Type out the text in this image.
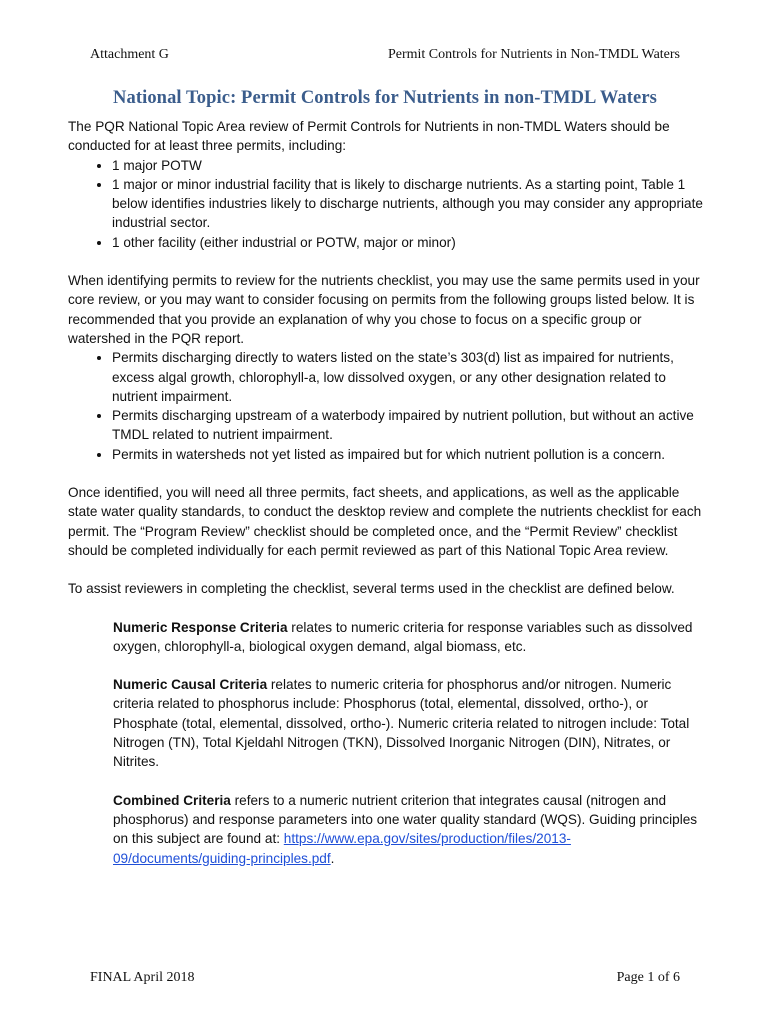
Attachment G	Permit Controls for Nutrients in Non-TMDL Waters
National Topic: Permit Controls for Nutrients in non-TMDL Waters

The PQR National Topic Area review of Permit Controls for Nutrients in non-TMDL Waters should be conducted for at least three permits, including:

• 1 major POTW
• 1 major or minor industrial facility that is likely to discharge nutrients. As a starting point, Table 1 below identifies industries likely to discharge nutrients, although you may consider any appropriate industrial sector.
• 1 other facility (either industrial or POTW, major or minor)

When identifying permits to review for the nutrients checklist, you may use the same permits used in your core review, or you may want to consider focusing on permits from the following groups listed below. It is recommended that you provide an explanation of why you chose to focus on a specific group or watershed in the PQR report.

• Permits discharging directly to waters listed on the state’s 303(d) list as impaired for nutrients, excess algal growth, chlorophyll-a, low dissolved oxygen, or any other designation related to nutrient impairment.
• Permits discharging upstream of a waterbody impaired by nutrient pollution, but without an active TMDL related to nutrient impairment.
• Permits in watersheds not yet listed as impaired but for which nutrient pollution is a concern.

Once identified, you will need all three permits, fact sheets, and applications, as well as the applicable state water quality standards, to conduct the desktop review and complete the nutrients checklist for each permit. The “Program Review” checklist should be completed once, and the “Permit Review” checklist should be completed individually for each permit reviewed as part of this National Topic Area review.

To assist reviewers in completing the checklist, several terms used in the checklist are defined below.

Numeric Response Criteria relates to numeric criteria for response variables such as dissolved oxygen, chlorophyll-a, biological oxygen demand, algal biomass, etc.

Numeric Causal Criteria relates to numeric criteria for phosphorus and/or nitrogen. Numeric criteria related to phosphorus include: Phosphorus (total, elemental, dissolved, ortho-), or Phosphate (total, elemental, dissolved, ortho-). Numeric criteria related to nitrogen include: Total Nitrogen (TN), Total Kjeldahl Nitrogen (TKN), Dissolved Inorganic Nitrogen (DIN), Nitrates, or Nitrites.

Combined Criteria refers to a numeric nutrient criterion that integrates causal (nitrogen and phosphorus) and response parameters into one water quality standard (WQS). Guiding principles on this subject are found at: https://www.epa.gov/sites/production/files/2013-09/documents/guiding-principles.pdf.

FINAL April 2018	Page 1 of 6
